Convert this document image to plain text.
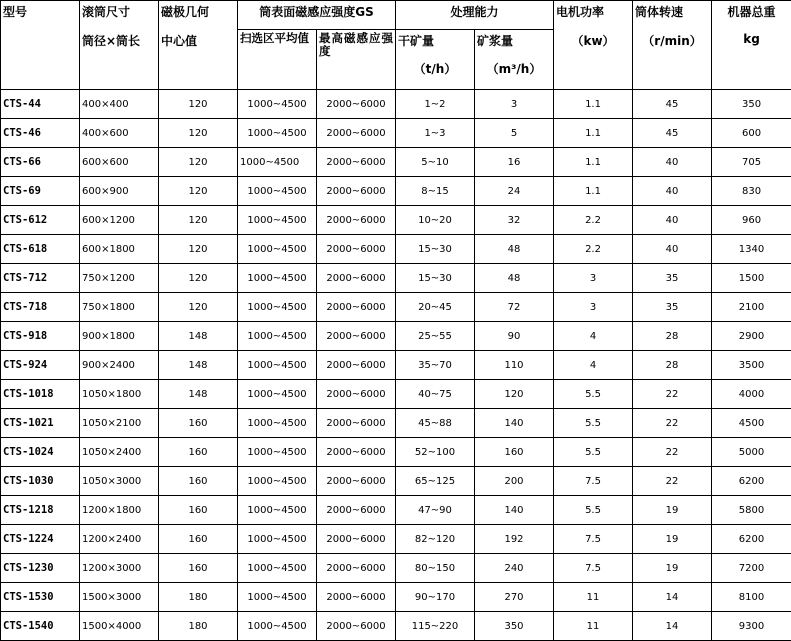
型号	滚筒尺寸	磁极几何	筒表面磁感应强度GS		处理能力		电机功率	筒体转速	机器总重
	筒径×筒长	中心值	扫选区平均值	最高磁感应强度	干矿量	矿浆量	（kw）	（r/min）	kg
					（t/h）	（m³/h）			
CTS-44	400×400	120	1000~4500	2000~6000	1~2	3	1.1	45	350
CTS-46	400×600	120	1000~4500	2000~6000	1~3	5	1.1	45	600
CTS-66	600×600	120	1000~4500	2000~6000	5~10	16	1.1	40	705
CTS-69	600×900	120	1000~4500	2000~6000	8~15	24	1.1	40	830
CTS-612	600×1200	120	1000~4500	2000~6000	10~20	32	2.2	40	960
CTS-618	600×1800	120	1000~4500	2000~6000	15~30	48	2.2	40	1340
CTS-712	750×1200	120	1000~4500	2000~6000	15~30	48	3	35	1500
CTS-718	750×1800	120	1000~4500	2000~6000	20~45	72	3	35	2100
CTS-918	900×1800	148	1000~4500	2000~6000	25~55	90	4	28	2900
CTS-924	900×2400	148	1000~4500	2000~6000	35~70	110	4	28	3500
CTS-1018	1050×1800	148	1000~4500	2000~6000	40~75	120	5.5	22	4000
CTS-1021	1050×2100	160	1000~4500	2000~6000	45~88	140	5.5	22	4500
CTS-1024	1050×2400	160	1000~4500	2000~6000	52~100	160	5.5	22	5000
CTS-1030	1050×3000	160	1000~4500	2000~6000	65~125	200	7.5	22	6200
CTS-1218	1200×1800	160	1000~4500	2000~6000	47~90	140	5.5	19	5800
CTS-1224	1200×2400	160	1000~4500	2000~6000	82~120	192	7.5	19	6200
CTS-1230	1200×3000	160	1000~4500	2000~6000	80~150	240	7.5	19	7200
CTS-1530	1500×3000	180	1000~4500	2000~6000	90~170	270	11	14	8100
CTS-1540	1500×4000	180	1000~4500	2000~6000	115~220	350	11	14	9300
